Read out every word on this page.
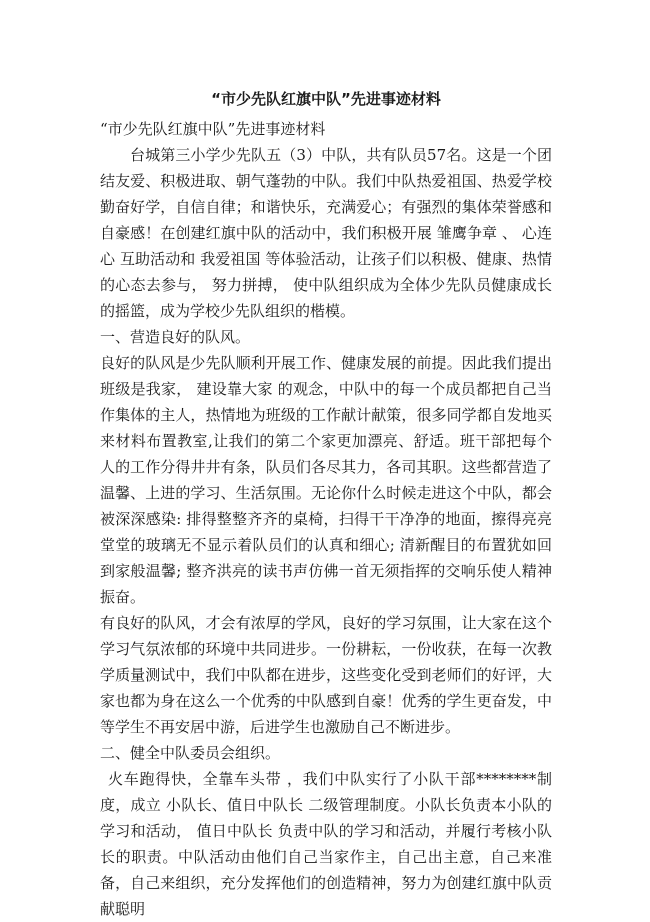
“市少先队红旗中队”先进事迹材料
“市少先队红旗中队”先进事迹材料

台城第三小学少先队五（3）中队，共有队员57名。这是一个团结友爱、积极进取、朝气蓬勃的中队。我们中队热爱祖国、热爱学校勤奋好学，自信自律；和谐快乐，充满爱心；有强烈的集体荣誉感和自豪感！在创建红旗中队的活动中，我们积极开展 雏鹰争章 、 心连心 互助活动和 我爱祖国 等体验活动，让孩子们以积极、健康、热情的心态去参与， 努力拼搏， 使中队组织成为全体少先队员健康成长的摇篮，成为学校少先队组织的楷模。

一、营造良好的队风。

良好的队风是少先队顺利开展工作、健康发展的前提。因此我们提出班级是我家， 建设靠大家 的观念，中队中的每一个成员都把自己当作集体的主人，热情地为班级的工作献计献策，很多同学都自发地买来材料布置教室,让我们的第二个家更加漂亮、舒适。班干部把每个人的工作分得井井有条，队员们各尽其力，各司其职。这些都营造了温馨、上进的学习、生活氛围。无论你什么时候走进这个中队，都会被深深感染: 排得整整齐齐的桌椅，扫得干干净净的地面，擦得亮亮堂堂的玻璃无不显示着队员们的认真和细心; 清新醒目的布置犹如回到家般温馨; 整齐洪亮的读书声仿佛一首无须指挥的交响乐使人精神振奋。

有良好的队风，才会有浓厚的学风，良好的学习氛围，让大家在这个学习气氛浓郁的环境中共同进步。一份耕耘，一份收获，在每一次教学质量测试中，我们中队都在进步，这些变化受到老师们的好评，大家也都为身在这么一个优秀的中队感到自豪！优秀的学生更奋发，中等学生不再安居中游，后进学生也激励自己不断进步。

二、健全中队委员会组织。

火车跑得快，全靠车头带 ，我们中队实行了小队干部********制度，成立 小队长、值日中队长 二级管理制度。小队长负责本小队的学习和活动， 值日中队长 负责中队的学习和活动，并履行考核小队长的职责。中队活动由他们自己当家作主，自己出主意，自己来准备，自己来组织，充分发挥他们的创造精神，努力为创建红旗中队贡献聪明
